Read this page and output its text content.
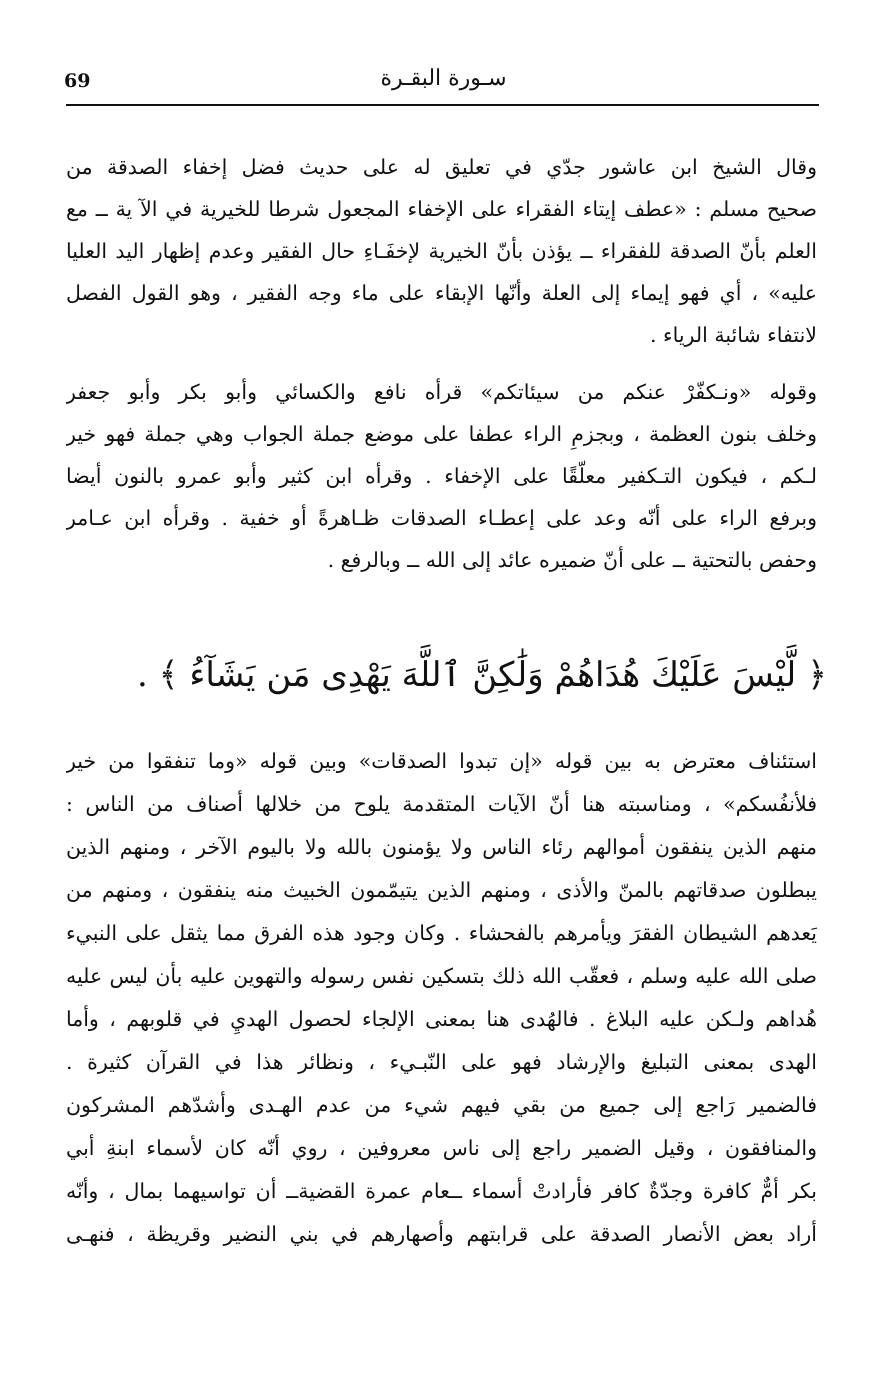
69	سـورة البقـرة
وقال الشيخ ابن عاشور جدّي في تعليق له على حديث فضل إخفاء الصدقة من
صحيح مسلم : «عطف إيتاء الفقراء على الإخفاء المجعول شرطا للخيرية في الآ ية ــ مع
العلم بأنّ الصدقة للفقراء ــ يؤذن بأنّ الخيرية لإخفَـاءِ حال الفقير وعدم إظهار اليد العليا
عليه» ، أي فهو إيماء إلى العلة وأنّها الإبقاء على ماء وجه الفقير ، وهو القول الفصل
لانتفاء شائبة الرياء .
وقوله «ونـكفّرْ عنكم من سيئاتكم» قرأه نافع والكسائي وأبو بكر وأبو جعفر
وخلف بنون العظمة ، وبجزمِ الراء عطفا على موضع جملة الجواب وهي جملة فهو خير
لـكم ، فيكون التـكفير معلّقًا على الإخفاء . وقرأه ابن كثير وأبو عمرو بالنون أيضا
وبرفع الراء على أنّه وعد على إعطـاء الصدقات ظـاهرةً أو خفية . وقرأه ابن عـامر
وحفص بالتحتية ــ على أنّ ضميره عائد إلى الله ــ وبالرفع .
﴿ لَّيْسَ عَلَيْكَ هُدَاهُمْ وَلَٰكِنَّ ٱللَّهَ يَهْدِى مَن يَشَآءُ ﴾ .
استئناف معترض به بين قوله «إن تبدوا الصدقات» وبين قوله «وما تنفقوا من خير
فلأنفُسكم» ، ومناسبته هنا أنّ الآيات المتقدمة يلوح من خلالها أصناف من الناس :
منهم الذين ينفقون أموالهم رئاء الناس ولا يؤمنون بالله ولا باليوم الآخر ، ومنهم الذين
يبطلون صدقاتهم بالمنّ والأذى ، ومنهم الذين يتيمّمون الخبيث منه ينفقون ، ومنهم من
يَعدهم الشيطان الفقرَ ويأمرهم بالفحشاء . وكان وجود هذه الفرق مما يثقل على النبيء
صلى الله عليه وسلم ، فعقّب الله ذلك بتسكين نفس رسوله والتهوين عليه بأن ليس عليه
هُداهم ولـكن عليه البلاغ . فالهُدى هنا بمعنى الإلجاء لحصول الهديِ في قلوبهم ، وأما
الهدى بمعنى التبليغ والإرشاد فهو على النّبـيء ، ونظائر هذا في القرآن كثيرة .
فالضمير رَاجع إلى جميع من بقي فيهم شيء من عدم الهـدى وأشدّهم المشركون
والمنافقون ، وقيل الضمير راجع إلى ناس معروفين ، روي أنّه كان لأسماء ابنةِ أبي
بكر أمٌّ كافرة وجدّةٌ كافر فأرادتْ أسماء ــعام عمرة القضيةــ أن تواسيهما بمال ، وأنّه
أراد بعض الأنصار الصدقة على قرابتهم وأصهارهم في بني النضير وقريظة ، فنهـى
